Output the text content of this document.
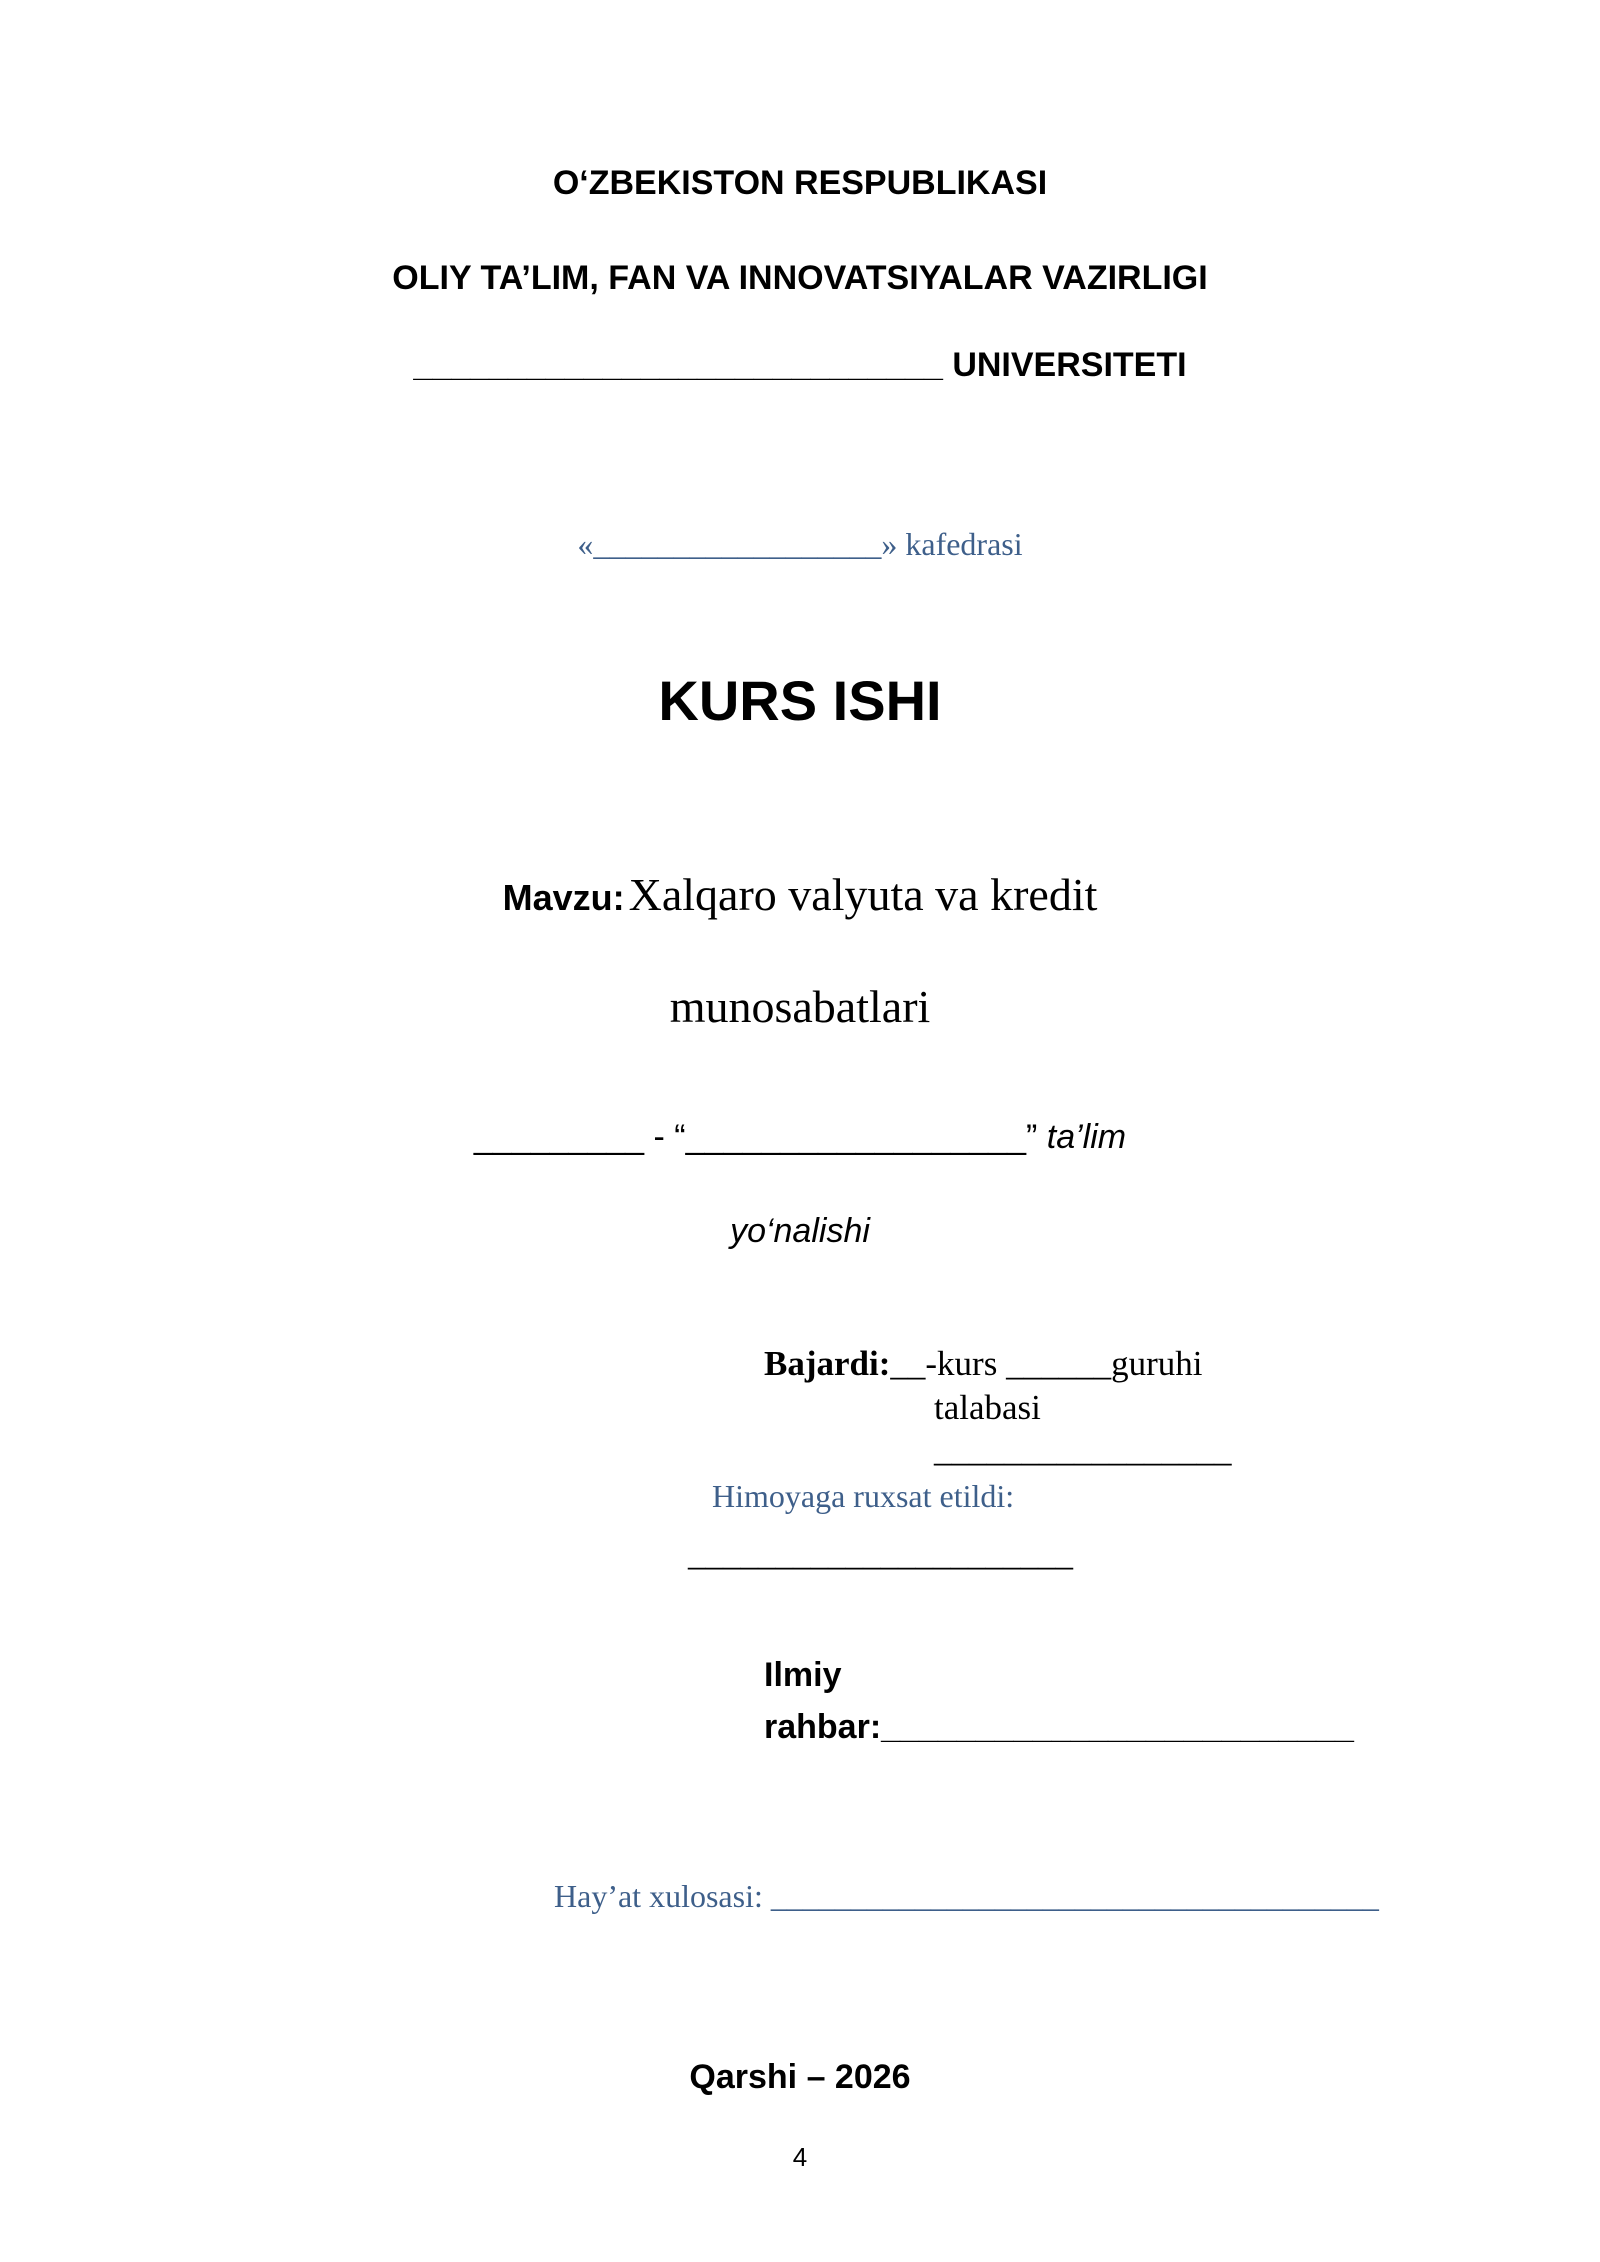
O‘ZBEKISTON RESPUBLIKASI
OLIY TA’LIM, FAN VA INNOVATSIYALAR VAZIRLIGI
____________________________ UNIVERSITETI
«__________________» kafedrasi
KURS ISHI
Mavzu: Xalqaro valyuta va kredit
munosabatlari
_________ - “__________________” ta’lim
yo‘nalishi
Bajardi:__-kurs ______guruhi
talabasi
_________________
Himoyaga ruxsat etildi:
______________________
Ilmiy
rahbar:_________________________
Hay’at xulosasi: ______________________________________
Qarshi – 2026
4
